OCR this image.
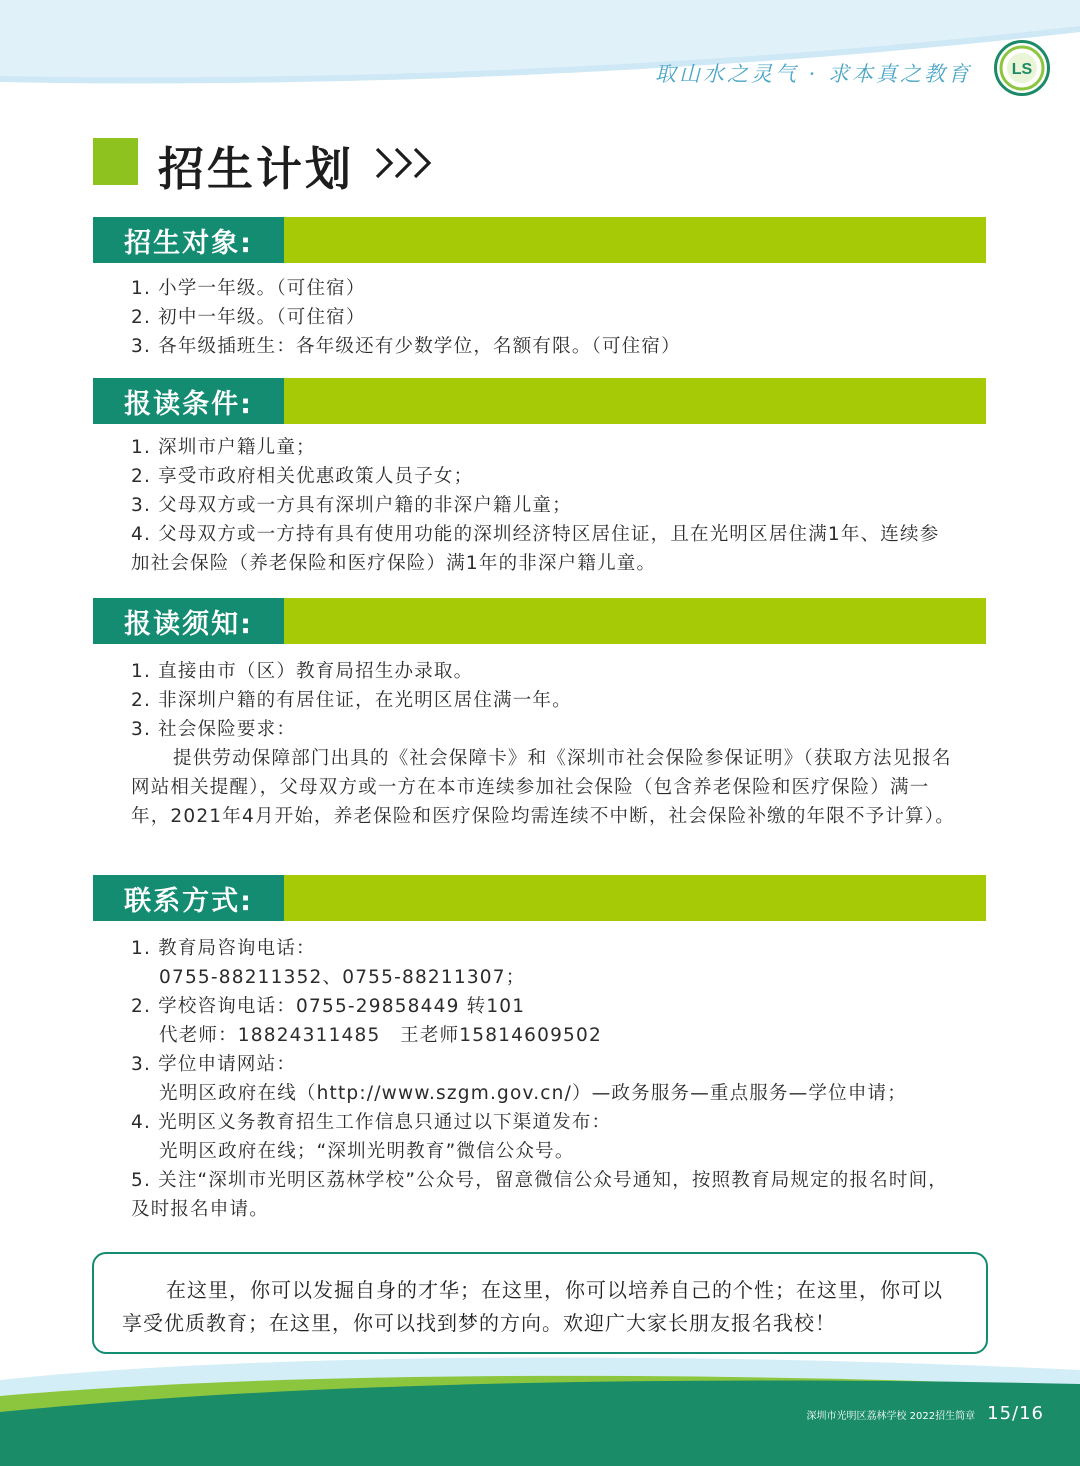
取山水之灵气 · 求本真之教育 LS
招生计划
招生对象:

1. 小学一年级。（可住宿）

2. 初中一年级。（可住宿）

3. 各年级插班生：各年级还有少数学位，名额有限。（可住宿）

报读条件:

1. 深圳市户籍儿童；

2. 享受市政府相关优惠政策人员子女；

3. 父母双方或一方具有深圳户籍的非深户籍儿童；

4. 父母双方或一方持有具有使用功能的深圳经济特区居住证，且在光明区居住满1年、连续参加社会保险（养老保险和医疗保险）满1年的非深户籍儿童。

报读须知:

1. 直接由市（区）教育局招生办录取。

2. 非深圳户籍的有居住证，在光明区居住满一年。

3. 社会保险要求：

提供劳动保障部门出具的《社会保障卡》和《深圳市社会保险参保证明》（获取方法见报名网站相关提醒），父母双方或一方在本市连续参加社会保险（包含养老保险和医疗保险）满一年，2021年4月开始，养老保险和医疗保险均需连续不中断，社会保险补缴的年限不予计算）。

联系方式:

1. 教育局咨询电话：

0755-88211352、0755-88211307；

2. 学校咨询电话：0755-29858449 转101

代老师：18824311485　王老师15814609502

3. 学位申请网站：

光明区政府在线（http://www.szgm.gov.cn/）—政务服务—重点服务—学位申请；

4. 光明区义务教育招生工作信息只通过以下渠道发布：

光明区政府在线；“深圳光明教育”微信公众号。

5. 关注“深圳市光明区荔林学校”公众号，留意微信公众号通知，按照教育局规定的报名时间，及时报名申请。

在这里，你可以发掘自身的才华；在这里，你可以培养自己的个性；在这里，你可以享受优质教育；在这里，你可以找到梦的方向。欢迎广大家长朋友报名我校！
深圳市光明区荔林学校 2022招生简章 15/16
